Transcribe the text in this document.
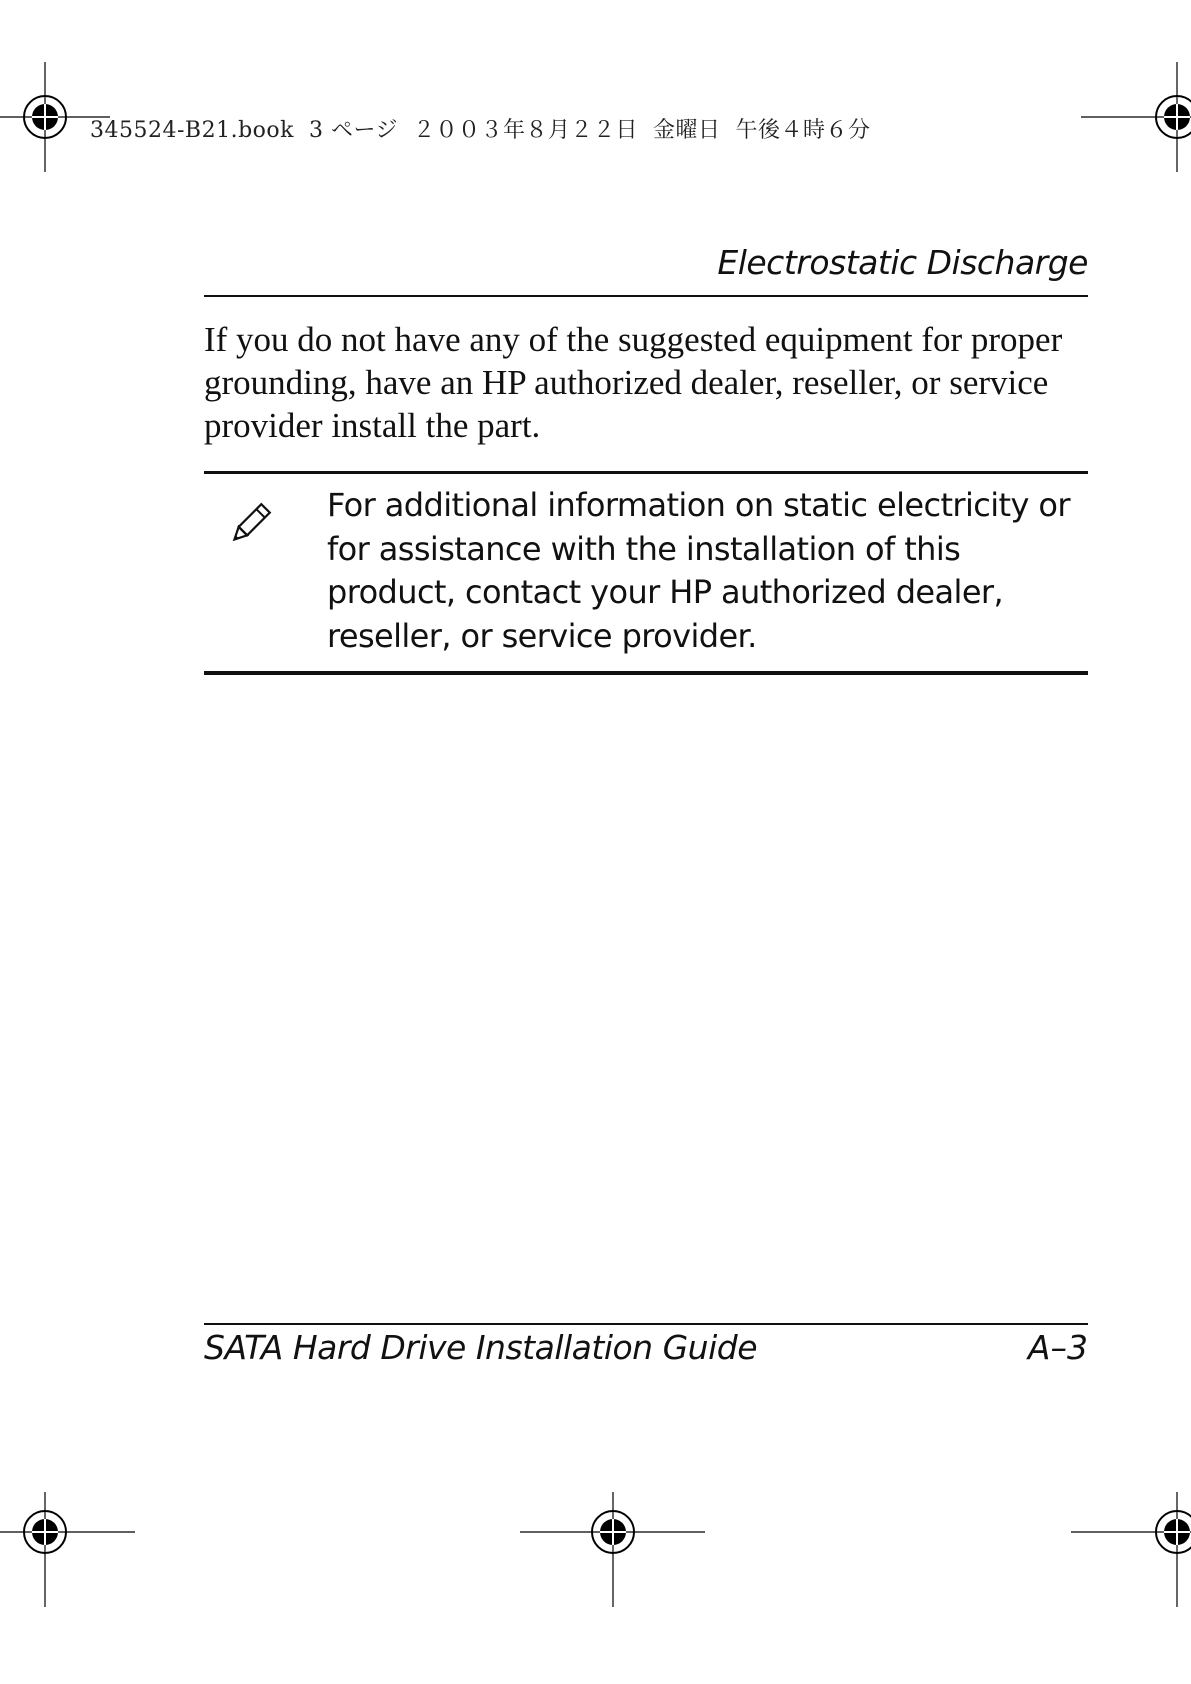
345524-B21.book  3 ページ  ２００３年８月２２日  金曜日  午後４時６分
Electrostatic Discharge
If you do not have any of the suggested equipment for proper grounding, have an HP authorized dealer, reseller, or service provider install the part.
For additional information on static electricity or for assistance with the installation of this product, contact your HP authorized dealer, reseller, or service provider.
SATA Hard Drive Installation Guide	A–3
